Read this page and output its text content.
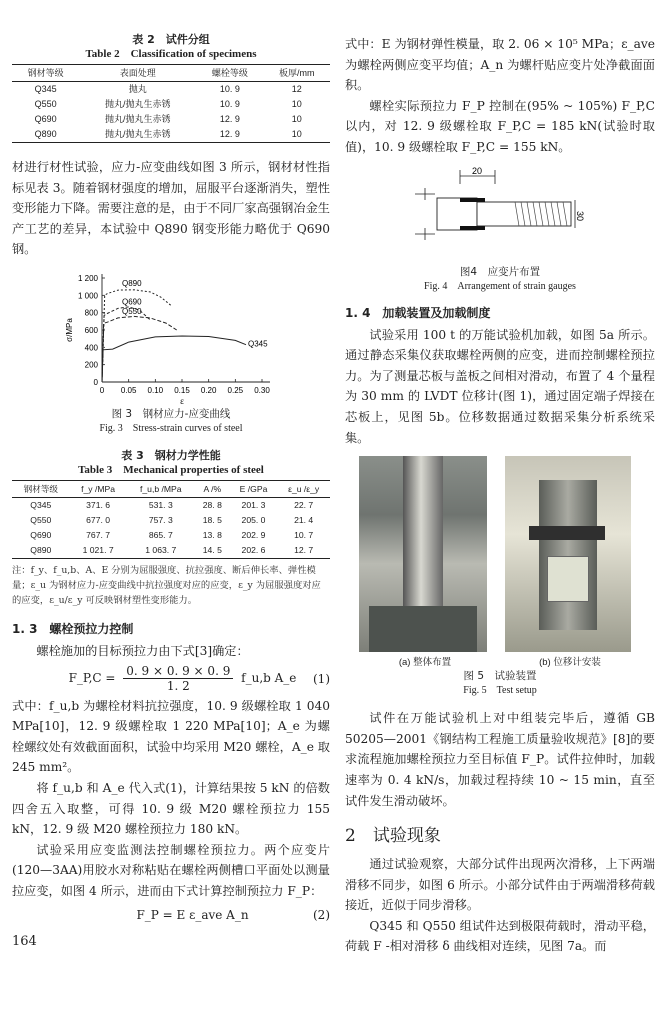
表 2　试件分组
Table 2　Classification of specimens
钢材等级	表面处理	螺栓等级	板厚/mm
Q345	抛丸	10. 9	12
Q550	抛丸/抛丸生赤锈	10. 9	10
Q690	抛丸/抛丸生赤锈	12. 9	10
Q890	抛丸/抛丸生赤锈	12. 9	10

材进行材性试验，应力-应变曲线如图 3 所示，钢材材性指标见表 3。随着钢材强度的增加，屈服平台逐渐消失，塑性变形能力下降。需要注意的是，由于不同厂家高强钢冶金生产工艺的差异，本试验中 Q890 钢变形能力略优于 Q690 钢。

0
200
400
600
800
1 000
1 200
0 0.05 0.10 0.15 0.20 0.25 0.30
σ/MPa
ε
Q890
Q690
Q550
Q345
图 3　钢材应力-应变曲线
Fig. 3　Stress-strain curves of steel
表 3　钢材力学性能
Table 3　Mechanical properties of steel
钢材等级	f_y /MPa	f_u,b /MPa	A /%	E /GPa	ε_u /ε_y
Q345	371. 6	531. 3	28. 8	201. 3	22. 7
Q550	677. 0	757. 3	18. 5	205. 0	21. 4
Q690	767. 7	865. 7	13. 8	202. 9	10. 7
Q890	1 021. 7	1 063. 7	14. 5	202. 6	12. 7
注：f_y、f_u,b、A、E 分别为屈服强度、抗拉强度、断后伸长率、弹性模量；ε_u 为钢材应力-应变曲线中抗拉强度对应的应变，ε_y 为屈服强度对应的应变，ε_u/ε_y 可反映钢材塑性变形能力。
1. 3　螺栓预拉力控制

螺栓施加的目标预拉力由下式[3]确定：

F_P,C = $\frac{0. 9 \times 0. 9 \times 0. 9}{1. 2}$ f_u,b A_e (1)

式中：f_u,b 为螺栓材料抗拉强度，10. 9 级螺栓取 1 040 MPa[10]，12. 9 级螺栓取 1 220 MPa[10]；A_e 为螺栓螺纹处有效截面面积，试验中均采用 M20 螺栓，A_e 取 245 mm²。

将 f_u,b 和 A_e 代入式(1)，计算结果按 5 kN 的倍数四舍五入取整，可得 10. 9 级 M20 螺栓预拉力 155 kN，12. 9 级 M20 螺栓预拉力 180 kN。

试验采用应变监测法控制螺栓预拉力。两个应变片(120—3AA)用胶水对称粘贴在螺栓两侧槽口平面处以测量拉应变，如图 4 所示，进而由下式计算控制预拉力 F_P：

F_P = E ε_ave A_n	(2)
164

式中：E 为钢材弹性模量，取 2. 06 × 10⁵ MPa；ε_ave 为螺栓两侧应变平均值；A_n 为螺杆贴应变片处净截面面积。

螺栓实际预拉力 F_P 控制在(95% ~ 105%) F_P,C 以内，对 12. 9 级螺栓取 F_P,C = 185 kN(试验时取值)，10. 9 级螺栓取 F_P,C = 155 kN。

20
30
图4　应变片布置
Fig. 4　Arrangement of strain gauges
1. 4　加载装置及加载制度

试验采用 100 t 的万能试验机加载，如图 5a 所示。通过静态采集仪获取螺栓两侧的应变，进而控制螺栓预拉力。为了测量芯板与盖板之间相对滑动，布置了 4 个量程为 30 mm 的 LVDT 位移计(图 1)，通过固定端子焊接在芯板上，见图 5b。位移数据通过数据采集分析系统采集。

(a) 整体布置	(b) 位移计安装
图 5　试验装置
Fig. 5　Test setup

试件在万能试验机上对中组装完毕后，遵循 GB 50205—2001《钢结构工程施工质量验收规范》[8]的要求流程施加螺栓预拉力至目标值 F_P。试件拉伸时，加载速率为 0. 4 kN/s，加载过程持续 10 ~ 15 min，直至试件发生滑动破坏。

2　试验现象

通过试验观察，大部分试件出现两次滑移，上下两端滑移不同步，如图 6 所示。小部分试件由于两端滑移荷载接近，近似于同步滑移。

Q345 和 Q550 组试件达到极限荷载时，滑动平稳，荷载 F -相对滑移 δ 曲线相对连续，见图 7a。而
